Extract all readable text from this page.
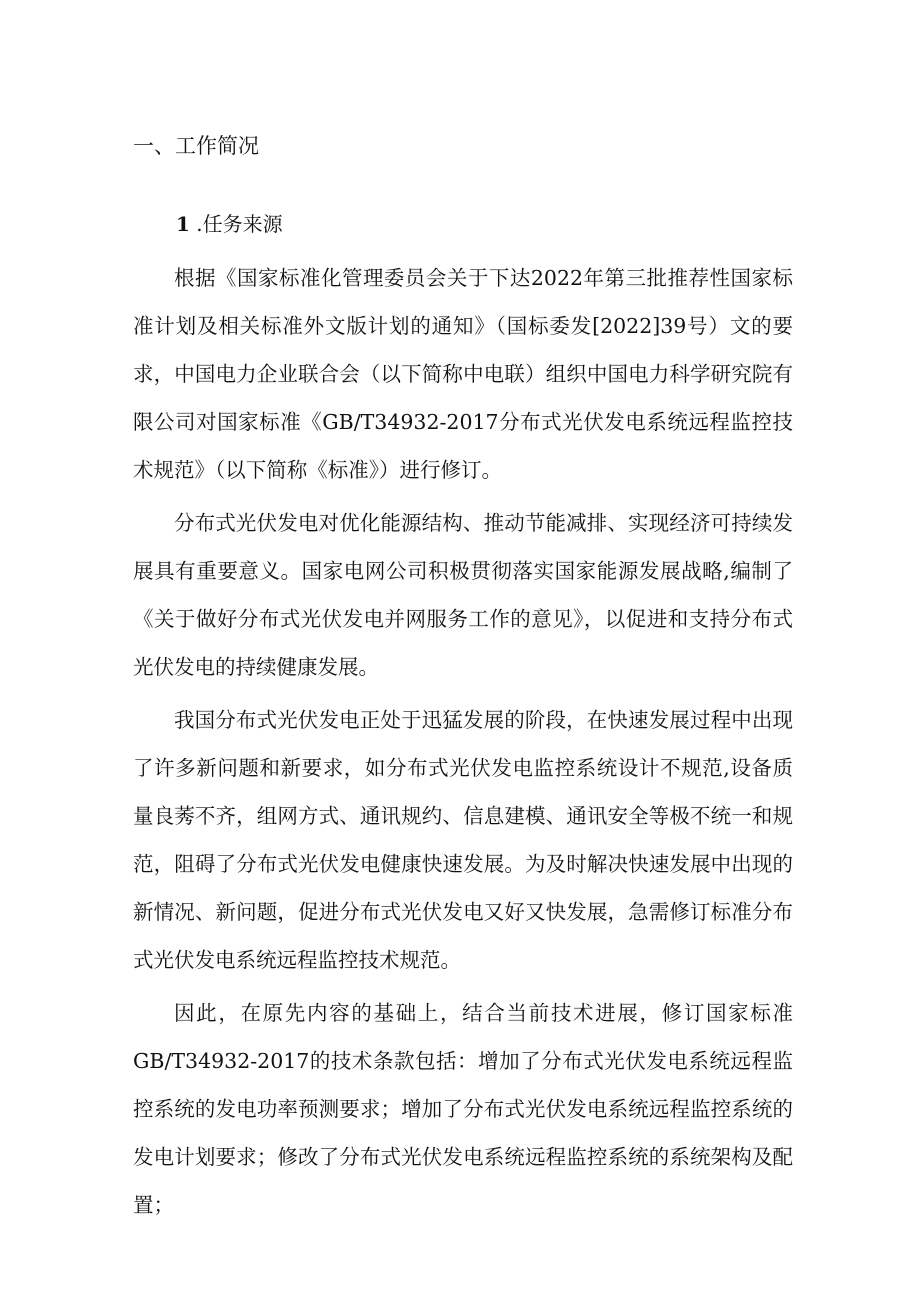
一、工作简况
1 .任务来源

根据《国家标准化管理委员会关于下达2022年第三批推荐性国家标准计划及相关标准外文版计划的通知》（国标委发[2022]39号）文的要求，中国电力企业联合会（以下简称中电联）组织中国电力科学研究院有限公司对国家标准《GB/T34932-2017分布式光伏发电系统远程监控技术规范》（以下简称《标准》）进行修订。

分布式光伏发电对优化能源结构、推动节能减排、实现经济可持续发展具有重要意义。国家电网公司积极贯彻落实国家能源发展战略,编制了《关于做好分布式光伏发电并网服务工作的意见》，以促进和支持分布式光伏发电的持续健康发展。

我国分布式光伏发电正处于迅猛发展的阶段，在快速发展过程中出现了许多新问题和新要求，如分布式光伏发电监控系统设计不规范,设备质量良莠不齐，组网方式、通讯规约、信息建模、通讯安全等极不统一和规范，阻碍了分布式光伏发电健康快速发展。为及时解决快速发展中出现的新情况、新问题，促进分布式光伏发电又好又快发展，急需修订标准分布式光伏发电系统远程监控技术规范。

因此，在原先内容的基础上，结合当前技术进展，修订国家标准GB/T34932-2017的技术条款包括：增加了分布式光伏发电系统远程监控系统的发电功率预测要求；增加了分布式光伏发电系统远程监控系统的发电计划要求；修改了分布式光伏发电系统远程监控系统的系统架构及配置；
